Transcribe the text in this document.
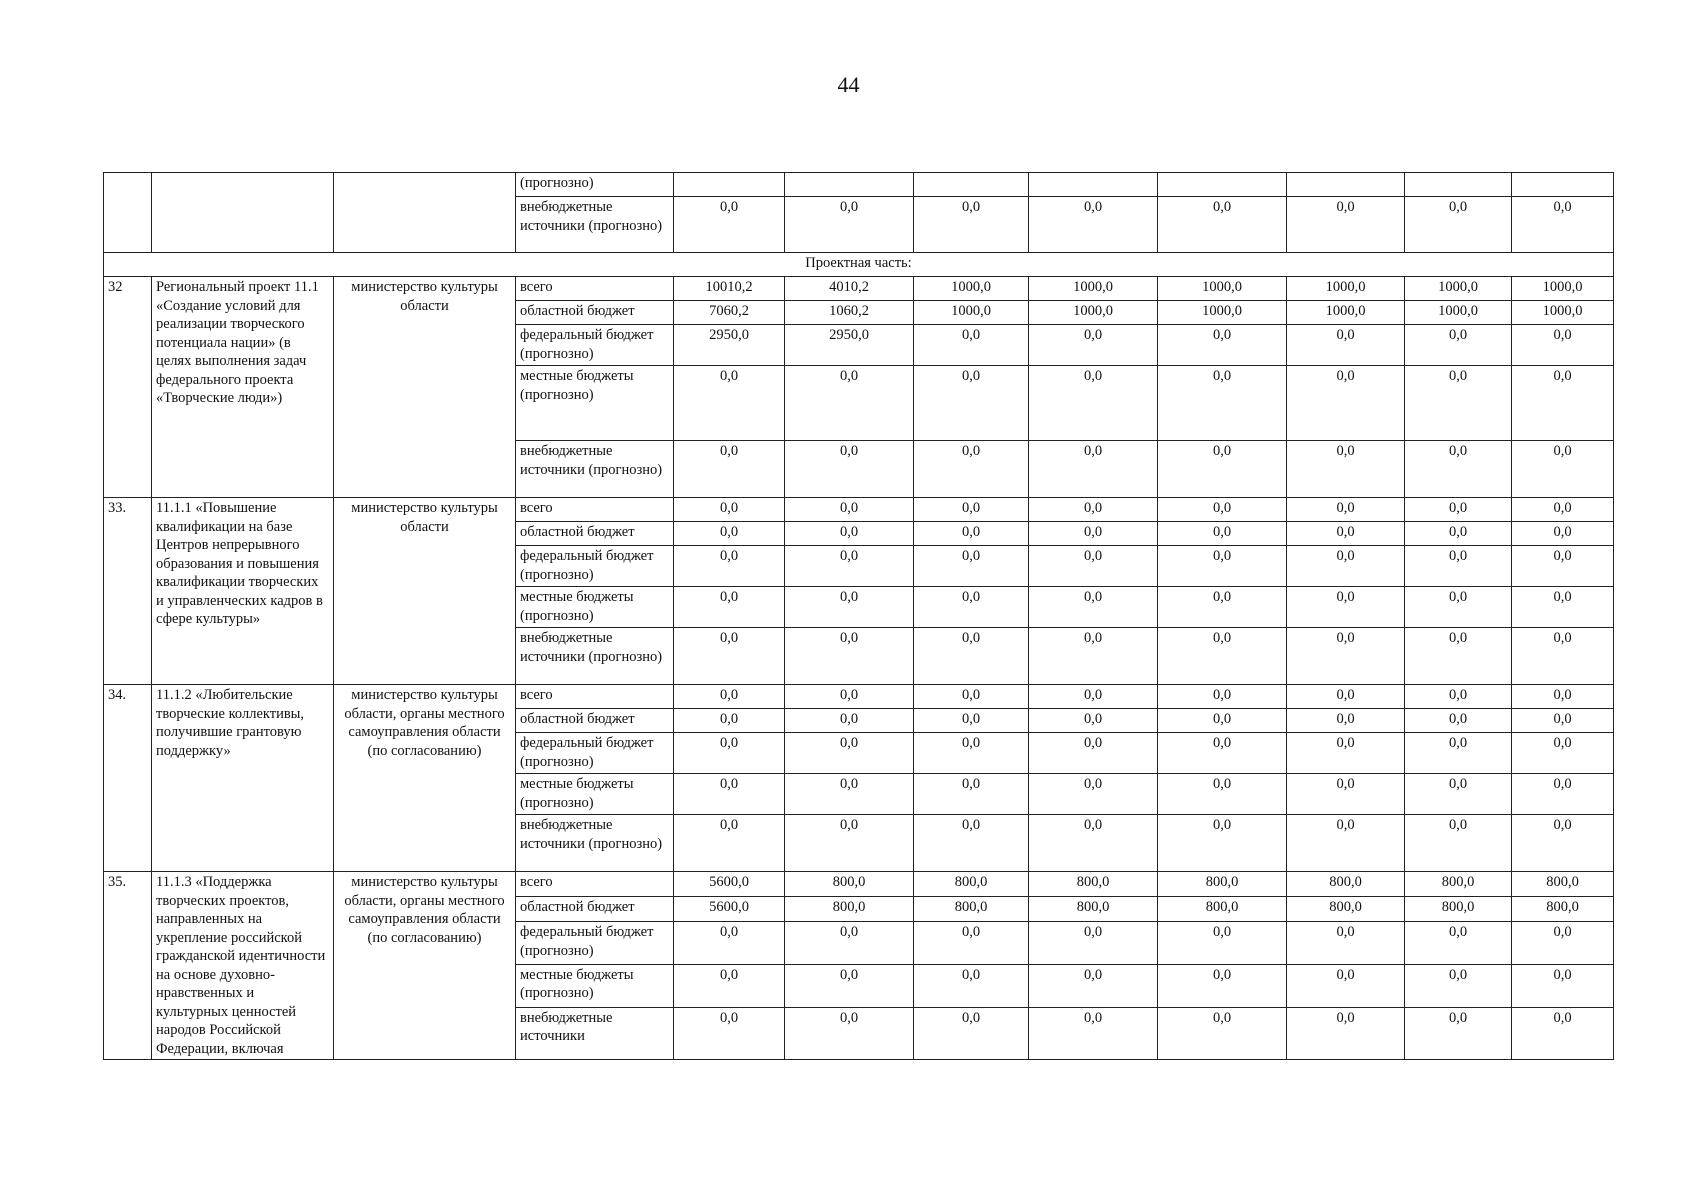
44
			(прогнозно)								
			внебюджетные источники (прогнозно)	0,0	0,0	0,0	0,0	0,0	0,0	0,0	0,0
Проектная часть:											
32	Региональный проект 11.1 «Создание условий для реализации творческого потенциала нации» (в целях выполнения задач федерального проекта «Творческие люди»)	министерство культуры области	всего	10010,2	4010,2	1000,0	1000,0	1000,0	1000,0	1000,0	1000,0
			областной бюджет	7060,2	1060,2	1000,0	1000,0	1000,0	1000,0	1000,0	1000,0
			федеральный бюджет (прогнозно)	2950,0	2950,0	0,0	0,0	0,0	0,0	0,0	0,0
			местные бюджеты (прогнозно)	0,0	0,0	0,0	0,0	0,0	0,0	0,0	0,0
			внебюджетные источники (прогнозно)	0,0	0,0	0,0	0,0	0,0	0,0	0,0	0,0
33.	11.1.1 «Повышение квалификации на базе Центров непрерывного образования и повышения квалификации творческих и управленческих кадров в сфере культуры»	министерство культуры области	всего	0,0	0,0	0,0	0,0	0,0	0,0	0,0	0,0
			областной бюджет	0,0	0,0	0,0	0,0	0,0	0,0	0,0	0,0
			федеральный бюджет (прогнозно)	0,0	0,0	0,0	0,0	0,0	0,0	0,0	0,0
			местные бюджеты (прогнозно)	0,0	0,0	0,0	0,0	0,0	0,0	0,0	0,0
			внебюджетные источники (прогнозно)	0,0	0,0	0,0	0,0	0,0	0,0	0,0	0,0
34.	11.1.2 «Любительские творческие коллективы, получившие грантовую поддержку»	министерство культуры области, органы местного самоуправления области (по согласованию)	всего	0,0	0,0	0,0	0,0	0,0	0,0	0,0	0,0
			областной бюджет	0,0	0,0	0,0	0,0	0,0	0,0	0,0	0,0
			федеральный бюджет (прогнозно)	0,0	0,0	0,0	0,0	0,0	0,0	0,0	0,0
			местные бюджеты (прогнозно)	0,0	0,0	0,0	0,0	0,0	0,0	0,0	0,0
			внебюджетные источники (прогнозно)	0,0	0,0	0,0	0,0	0,0	0,0	0,0	0,0
35.	11.1.3 «Поддержка творческих проектов, направленных на укрепление российской гражданской идентичности на основе духовно-нравственных и культурных ценностей народов Российской Федерации, включая	министерство культуры области, органы местного самоуправления области (по согласованию)	всего	5600,0	800,0	800,0	800,0	800,0	800,0	800,0	800,0
			областной бюджет	5600,0	800,0	800,0	800,0	800,0	800,0	800,0	800,0
			федеральный бюджет (прогнозно)	0,0	0,0	0,0	0,0	0,0	0,0	0,0	0,0
			местные бюджеты (прогнозно)	0,0	0,0	0,0	0,0	0,0	0,0	0,0	0,0
			внебюджетные источники	0,0	0,0	0,0	0,0	0,0	0,0	0,0	0,0
